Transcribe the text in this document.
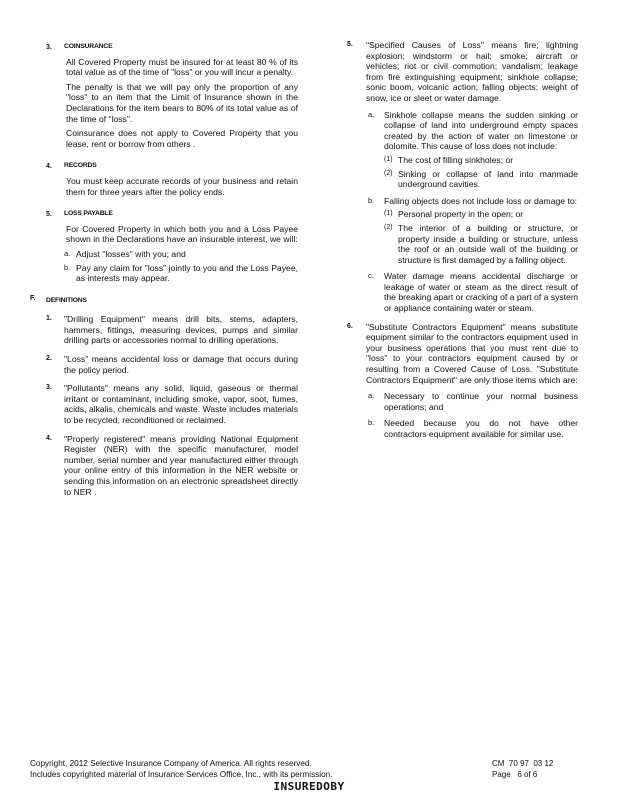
3. COINSURANCE

All Covered Property must be insured for at least 80 % of its total value as of the time of "loss" or you will incur a penalty.

The penalty is that we will pay only the proportion of any "loss" to an item that the Limit of Insurance shown in the Declarations for the item bears to 80% of its total value as of the time of "loss".

Coinsurance does not apply to Covered Property that you lease, rent or borrow from others .

4. RECORDS

You must keep accurate records of your business and retain them for three years after the policy ends.

5. LOSS PAYABLE

For Covered Property in which both you and a Loss Payee shown in the Declarations have an insurable interest, we will:

a. Adjust "losses" with you; and
b. Pay any claim for "loss" jointly to you and the Loss Payee, as interests may appear.
F. DEFINITIONS
1. "Drilling Equipment" means drill bits, stems, adapters, hammers, fittings, measuring devices, pumps and similar drilling parts or accessories normal to drilling operations.
2. "Loss" means accidental loss or damage that occurs during the policy period.
3. "Pollutants" means any solid, liquid, gaseous or thermal irritant or contaminant, including smoke, vapor, soot, fumes, acids, alkalis, chemicals and waste. Waste includes materials to be recycled, reconditioned or reclaimed.
4. "Properly registered" means providing National Equipment Register (NER) with the specific manufacturer, model number, serial number and year manufactured either through your online entry of this information in the NER website or sending this information on an electronic spreadsheet directly to NER .
5. "Specified Causes of Loss" means fire; lightning explosion; windstorm or hail; smoke; aircraft or vehicles; riot or civil commotion; vandalism; leakage from fire extinguishing equipment; sinkhole collapse; sonic boom, volcanic action; falling objects; weight of snow, ice or sleet or water damage.
a. Sinkhole collapse means the sudden sinking or collapse of land into underground empty spaces created by the action of water on limestone or dolomite. This cause of loss does not include:
(1) The cost of filling sinkholes; or
(2) Sinking or collapse of land into manmade underground cavities.
b. Falling objects does not include loss or damage to:
(1) Personal property in the open; or
(2) The interior of a building or structure, or property inside a building or structure, unless the roof or an outside wall of the building or structure is first damaged by a falling object.
c. Water damage means accidental discharge or leakage of water or steam as the direct result of the breaking apart or cracking of a part of a system or appliance containing water or steam.
6. "Substitute Contractors Equipment" means substitute equipment similar to the contractors equipment used in your business operations that you must rent due to "loss" to your contractors equipment caused by or resulting from a Covered Cause of Loss. "Substitute Contractors Equipment" are only those items which are:
a. Necessary to continue your normal business operations; and
b. Needed because you do not have other contractors equipment available for similar use.
Copyright, 2012 Selective Insurance Company of America. All rights reserved.
Includes copyrighted material of Insurance Services Office, Inc., with its permission.
CM  70 97  03 12
Page   6 of 6
INSUREDOBY
